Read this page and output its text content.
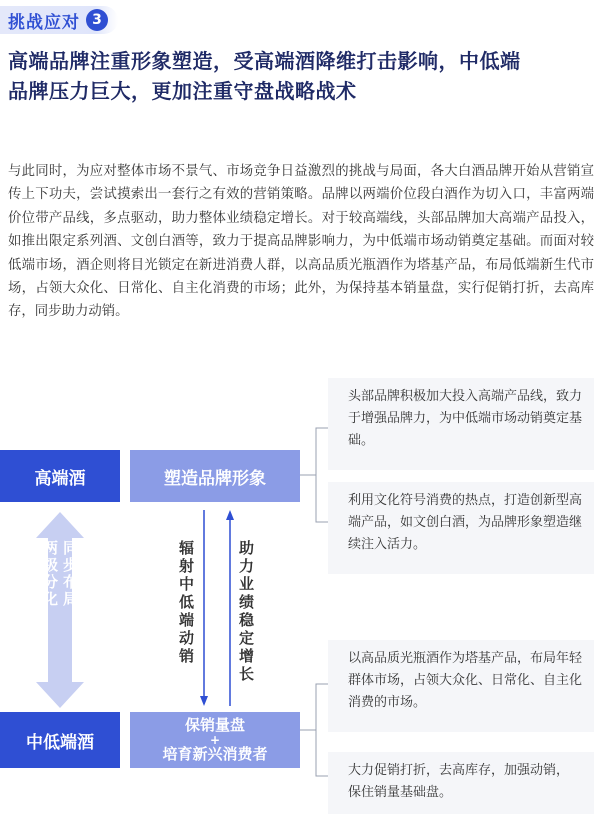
挑战应对 3
高端品牌注重形象塑造，受高端酒降维打击影响，中低端
品牌压力巨大，更加注重守盘战略战术
与此同时，为应对整体市场不景气、市场竞争日益激烈的挑战与局面，各大白酒品牌开始从营销宣传上下功夫，尝试摸索出一套行之有效的营销策略。品牌以两端价位段白酒作为切入口，丰富两端价位带产品线，多点驱动，助力整体业绩稳定增长。对于较高端线，头部品牌加大高端产品投入，如推出限定系列酒、文创白酒等，致力于提高品牌影响力，为中低端市场动销奠定基础。而面对较低端市场，酒企则将目光锁定在新进消费人群，以高品质光瓶酒作为塔基产品，布局低端新生代市场，占领大众化、日常化、自主化消费的市场；此外，为保持基本销量盘，实行促销打折，去高库存，同步助力动销。
高端酒	塑造品牌形象
中低端酒
保销量盘
+
培育新兴消费者
两级分化 同步布局	辐射中低端动销	助力业绩稳定增长
头部品牌积极加大投入高端产品线，致力于增强品牌力，为中低端市场动销奠定基础。
利用文化符号消费的热点，打造创新型高端产品，如文创白酒，为品牌形象塑造继续注入活力。
以高品质光瓶酒作为塔基产品，布局年轻群体市场，占领大众化、日常化、自主化消费的市场。
大力促销打折，去高库存，加强动销， 保住销量基础盘。
